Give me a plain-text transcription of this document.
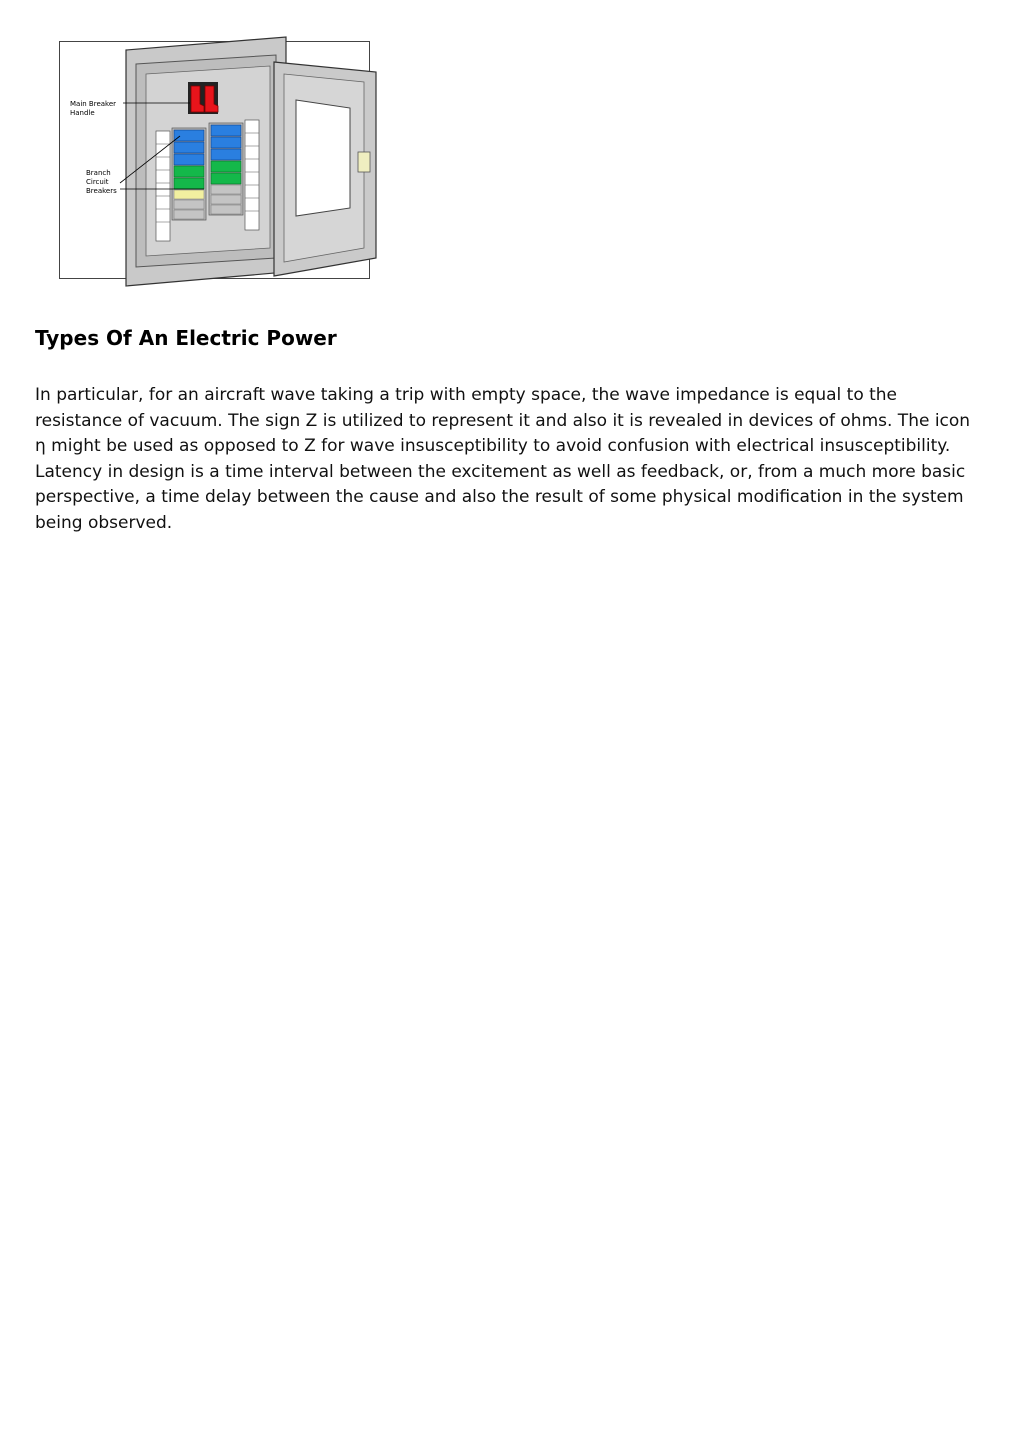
Main Breaker
Handle
Branch
Circuit
Breakers
Types Of An Electric Power

In particular, for an aircraft wave taking a trip with empty space, the wave impedance is equal to the resistance of vacuum. The sign Z is utilized to represent it and also it is revealed in devices of ohms. The icon η might be used as opposed to Z for wave insusceptibility to avoid confusion with electrical insusceptibility. Latency in design is a time interval between the excitement as well as feedback, or, from a much more basic perspective, a time delay between the cause and also the result of some physical modification in the system being observed.
